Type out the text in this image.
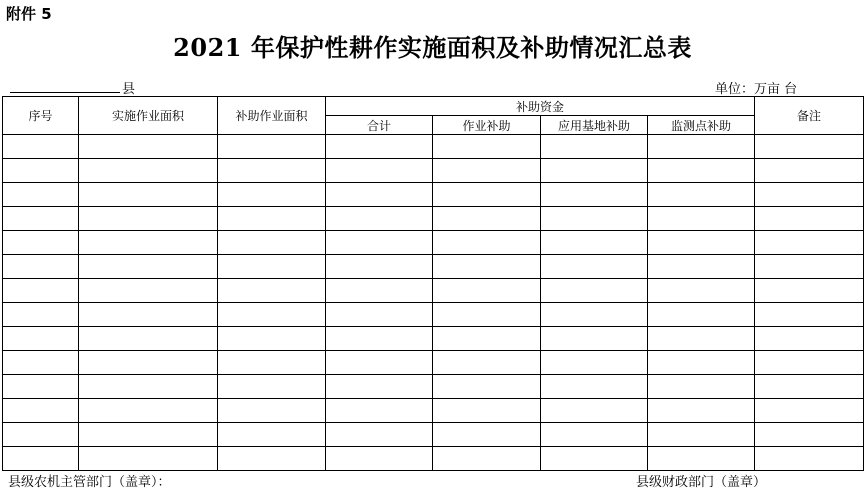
附件 5
2021 年保护性耕作实施面积及补助情况汇总表
县	单位：万亩 台
序号	实施作业面积	补助作业面积	补助资金				备注
			合计	作业补助	应用基地补助	监测点补助	

县级农机主管部门（盖章）：	县级财政部门（盖章）
